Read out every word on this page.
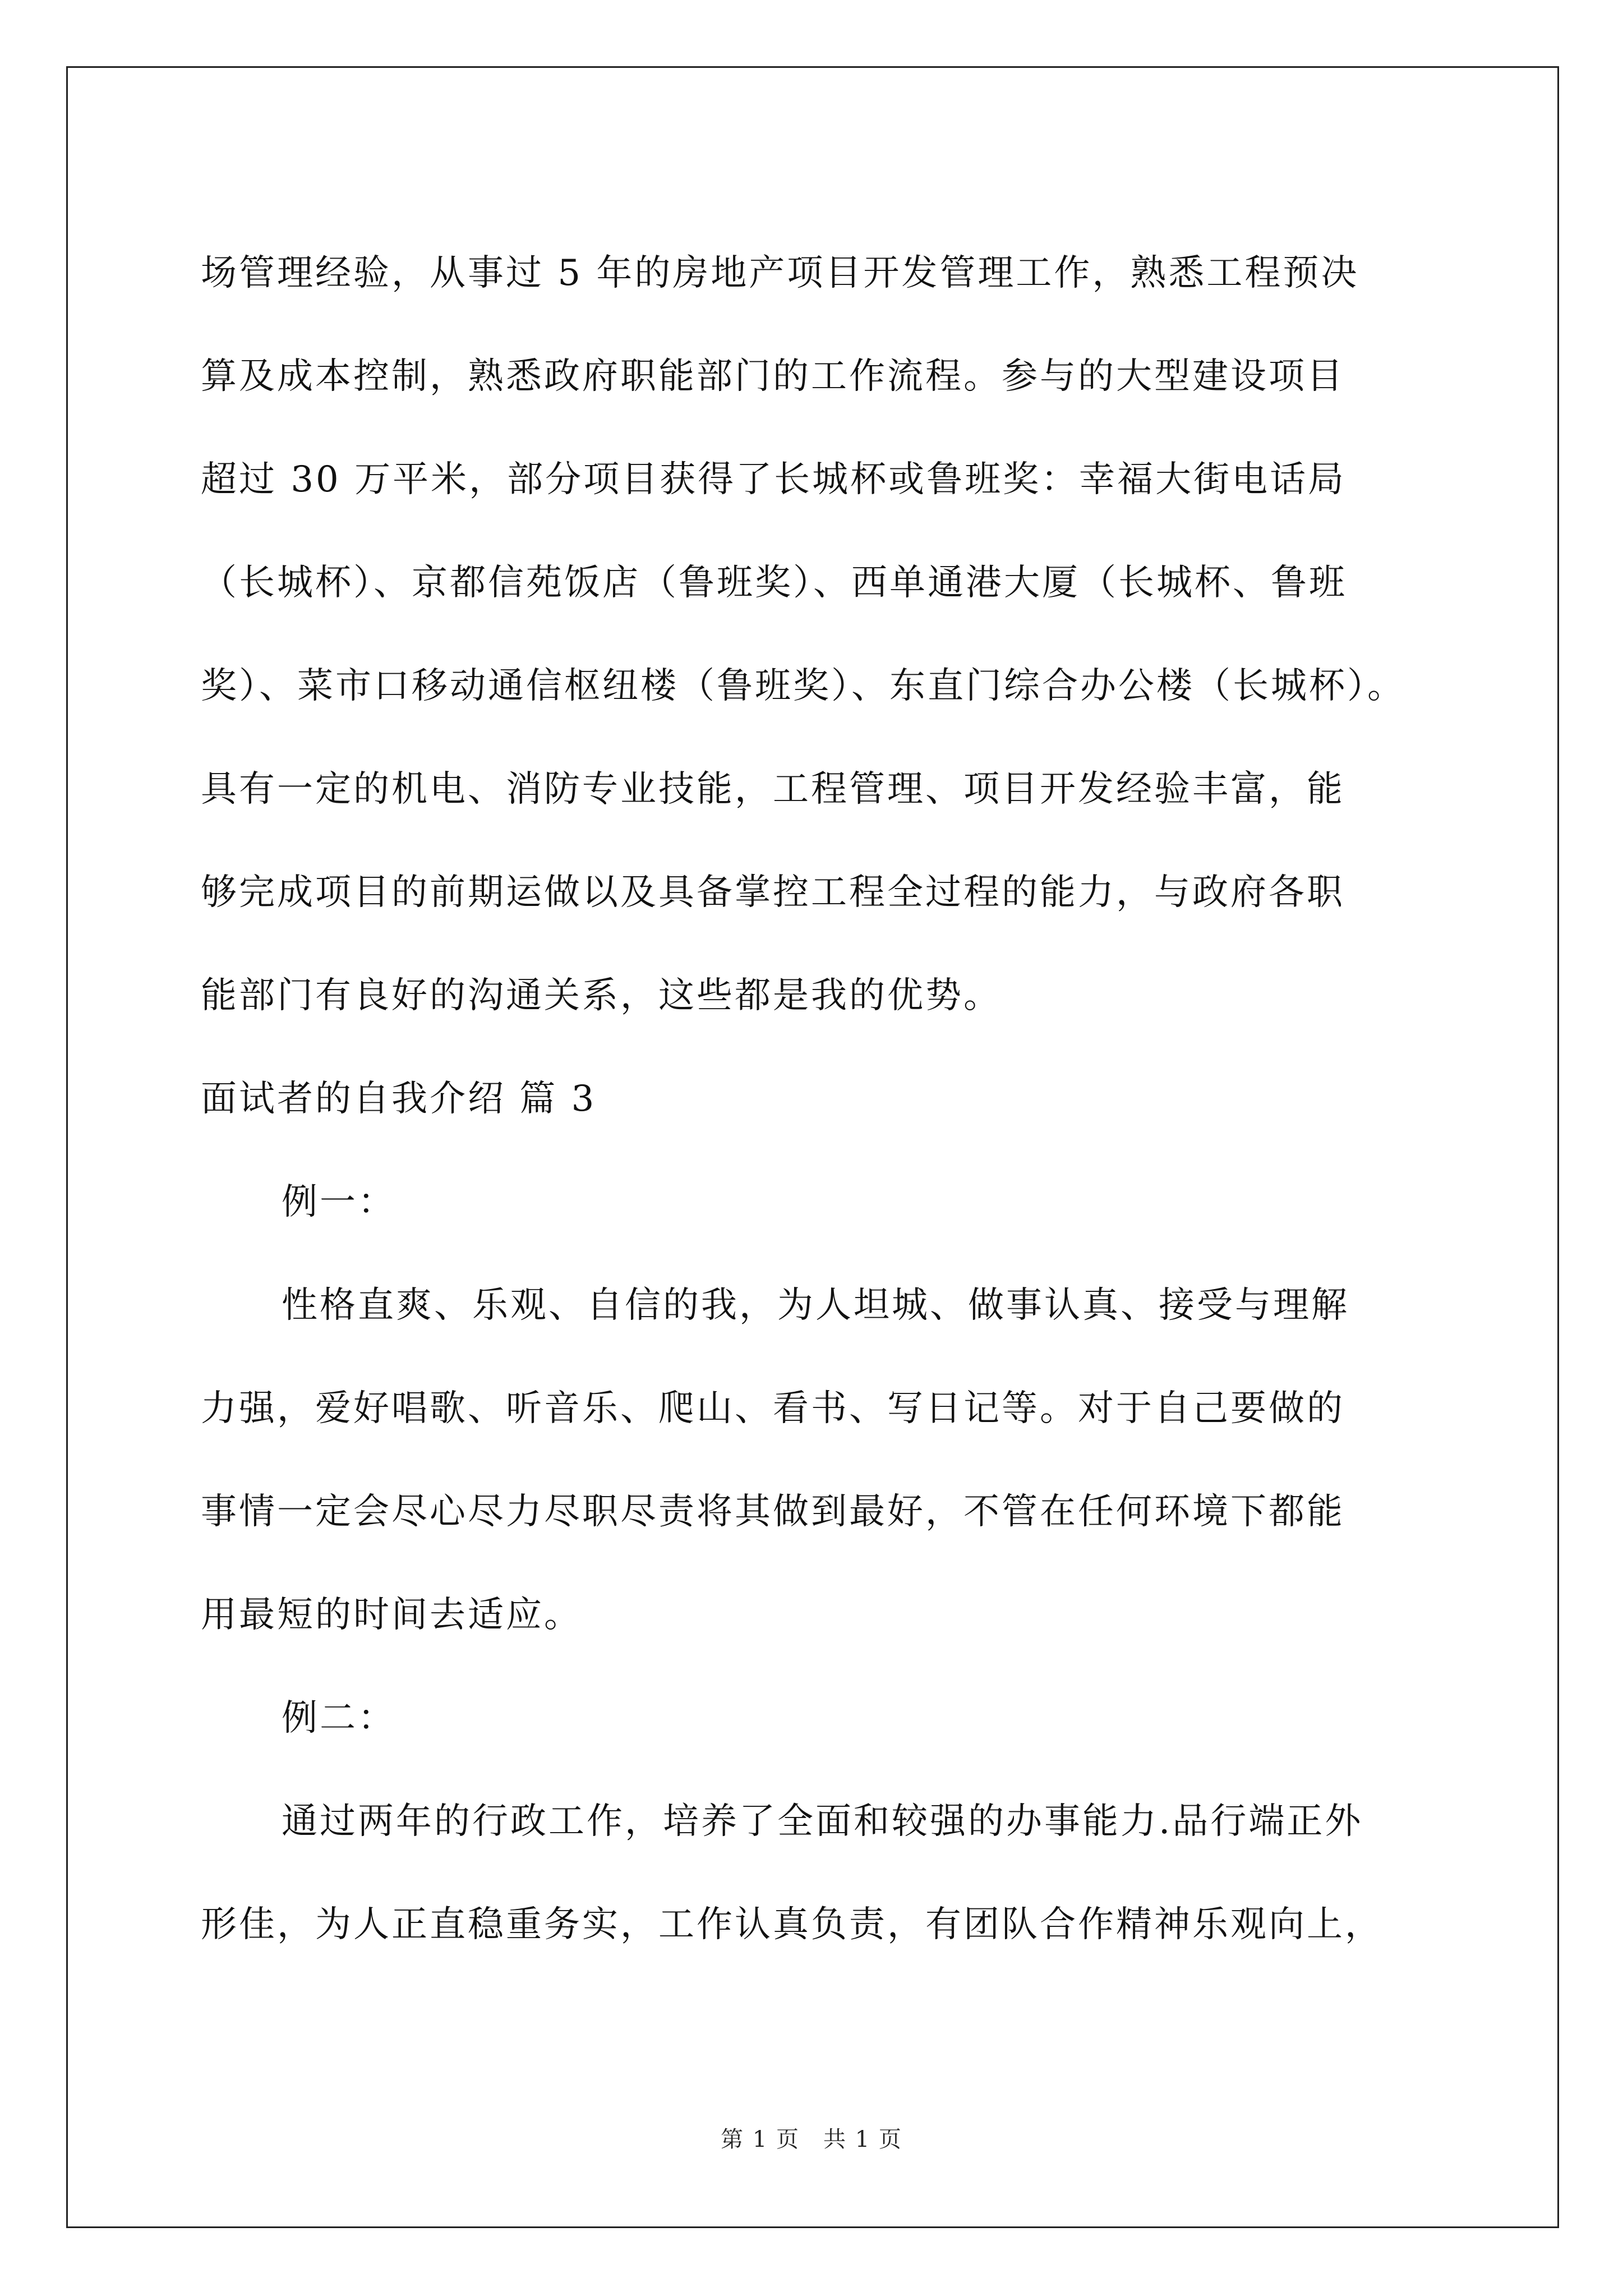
场管理经验，从事过 5 年的房地产项目开发管理工作，熟悉工程预决
算及成本控制，熟悉政府职能部门的工作流程。参与的大型建设项目
超过 30 万平米，部分项目获得了长城杯或鲁班奖：幸福大街电话局
（长城杯）、京都信苑饭店（鲁班奖）、西单通港大厦（长城杯、鲁班
奖）、菜市口移动通信枢纽楼（鲁班奖）、东直门综合办公楼（长城杯）。
具有一定的机电、消防专业技能，工程管理、项目开发经验丰富，能
够完成项目的前期运做以及具备掌控工程全过程的能力，与政府各职
能部门有良好的沟通关系，这些都是我的优势。
面试者的自我介绍 篇 3
例一：
性格直爽、乐观、自信的我，为人坦城、做事认真、接受与理解
力强，爱好唱歌、听音乐、爬山、看书、写日记等。对于自己要做的
事情一定会尽心尽力尽职尽责将其做到最好，不管在任何环境下都能
用最短的时间去适应。
例二：
通过两年的行政工作，培养了全面和较强的办事能力.品行端正外
形佳，为人正直稳重务实，工作认真负责，有团队合作精神乐观向上，
第 1 页　共 1 页
